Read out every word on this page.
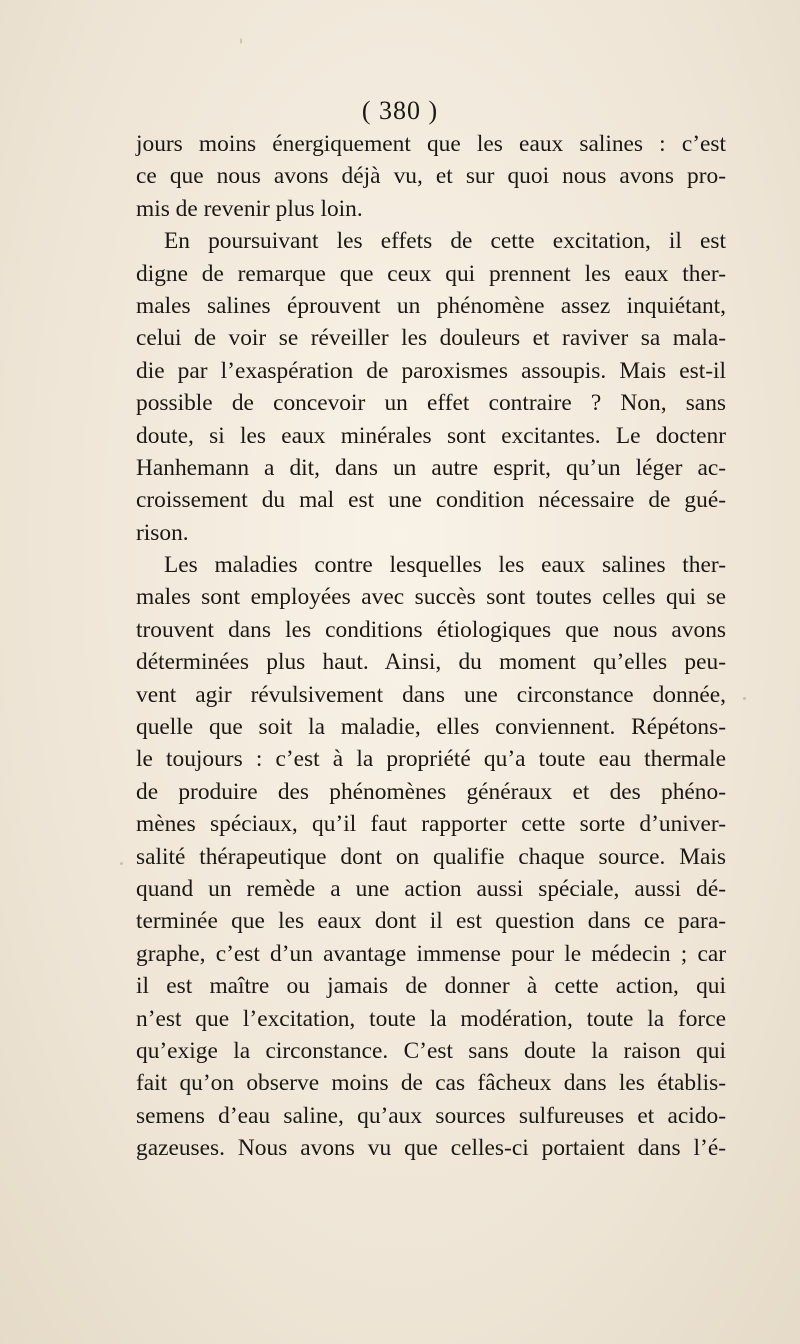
( 380 )
jours moins énergiquement que les eaux salines : c’est
ce que nous avons déjà vu, et sur quoi nous avons pro-
mis de revenir plus loin.
En poursuivant les effets de cette excitation, il est
digne de remarque que ceux qui prennent les eaux ther-
males salines éprouvent un phénomène assez inquiétant,
celui de voir se réveiller les douleurs et raviver sa mala-
die par l’exaspération de paroxismes assoupis. Mais est-il
possible de concevoir un effet contraire ? Non, sans
doute, si les eaux minérales sont excitantes. Le doctenr
Hanhemann a dit, dans un autre esprit, qu’un léger ac-
croissement du mal est une condition nécessaire de gué-
rison.
Les maladies contre lesquelles les eaux salines ther-
males sont employées avec succès sont toutes celles qui se
trouvent dans les conditions étiologiques que nous avons
déterminées plus haut. Ainsi, du moment qu’elles peu-
vent agir révulsivement dans une circonstance donnée,
quelle que soit la maladie, elles conviennent. Répétons-
le toujours : c’est à la propriété qu’a toute eau thermale
de produire des phénomènes généraux et des phéno-
mènes spéciaux, qu’il faut rapporter cette sorte d’univer-
salité thérapeutique dont on qualifie chaque source. Mais
quand un remède a une action aussi spéciale, aussi dé-
terminée que les eaux dont il est question dans ce para-
graphe, c’est d’un avantage immense pour le médecin ; car
il est maître ou jamais de donner à cette action, qui
n’est que l’excitation, toute la modération, toute la force
qu’exige la circonstance. C’est sans doute la raison qui
fait qu’on observe moins de cas fâcheux dans les établis-
semens d’eau saline, qu’aux sources sulfureuses et acido-
gazeuses. Nous avons vu que celles-ci portaient dans l’é-
